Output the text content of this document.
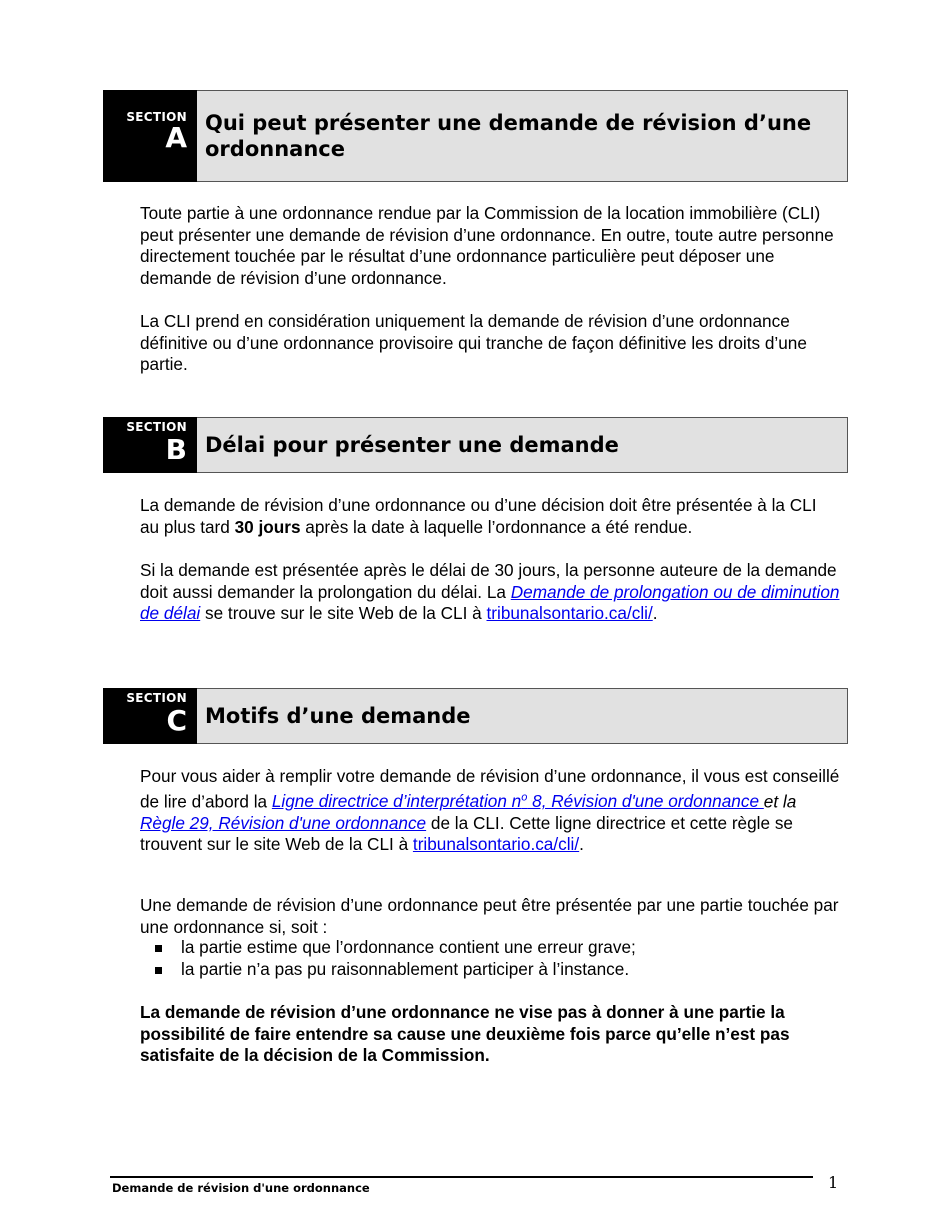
SECTION
A Qui peut présenter une demande de révision d’une ordonnance

Toute partie à une ordonnance rendue par la Commission de la location immobilière (CLI) peut présenter une demande de révision d’une ordonnance. En outre, toute autre personne directement touchée par le résultat d’une ordonnance particulière peut déposer une demande de révision d’une ordonnance.

La CLI prend en considération uniquement la demande de révision d’une ordonnance définitive ou d’une ordonnance provisoire qui tranche de façon définitive les droits d’une partie.

SECTION
B Délai pour présenter une demande

La demande de révision d’une ordonnance ou d’une décision doit être présentée à la CLI au plus tard 30 jours après la date à laquelle l’ordonnance a été rendue.

Si la demande est présentée après le délai de 30 jours, la personne auteure de la demande doit aussi demander la prolongation du délai. La Demande de prolongation ou de diminution de délai se trouve sur le site Web de la CLI à tribunalsontario.ca/cli/.

SECTION
C Motifs d’une demande

Pour vous aider à remplir votre demande de révision d’une ordonnance, il vous est conseillé de lire d’abord la Ligne directrice d’interprétation n$^o$ 8, Révision d'une ordonnance et la Règle 29, Révision d'une ordonnance de la CLI. Cette ligne directrice et cette règle se trouvent sur le site Web de la CLI à tribunalsontario.ca/cli/.

Une demande de révision d’une ordonnance peut être présentée par une partie touchée par une ordonnance si, soit :

la partie estime que l’ordonnance contient une erreur grave;
la partie n’a pas pu raisonnablement participer à l’instance.

La demande de révision d’une ordonnance ne vise pas à donner à une partie la possibilité de faire entendre sa cause une deuxième fois parce qu’elle n’est pas satisfaite de la décision de la Commission.

Demande de révision d'une ordonnance	1
